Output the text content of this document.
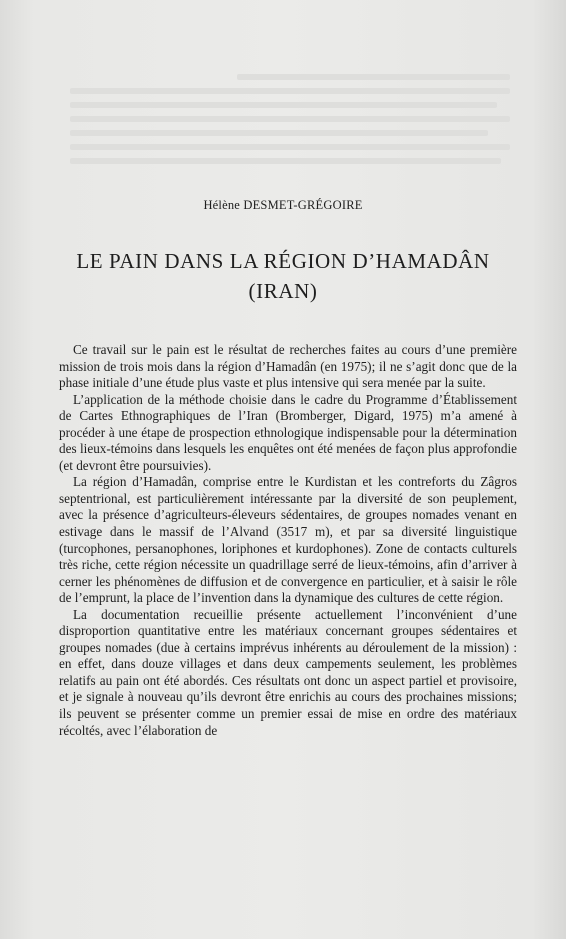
Hélène DESMET-GRÉGOIRE
LE PAIN DANS LA RÉGION D’HAMADÂN
(IRAN)

Ce travail sur le pain est le résultat de recherches faites au cours d’une première mission de trois mois dans la région d’Hamadân (en 1975); il ne s’agit donc que de la phase initiale d’une étude plus vaste et plus intensive qui sera menée par la suite.

L’application de la méthode choisie dans le cadre du Programme d’Établissement de Cartes Ethnographiques de l’Iran (Bromberger, Digard, 1975) m’a amené à procéder à une étape de prospection ethnologique indispensable pour la détermination des lieux-témoins dans lesquels les enquêtes ont été menées de façon plus approfondie (et devront être poursuivies).

La région d’Hamadân, comprise entre le Kurdistan et les contreforts du Zâgros septentrional, est particulièrement intéressante par la diversité de son peuplement, avec la présence d’agriculteurs-éleveurs sédentaires, de groupes nomades venant en estivage dans le massif de l’Alvand (3517 m), et par sa diversité linguistique (turcophones, persanophones, loriphones et kurdophones). Zone de contacts culturels très riche, cette région nécessite un quadrillage serré de lieux-témoins, afin d’arriver à cerner les phénomènes de diffusion et de convergence en particulier, et à saisir le rôle de l’emprunt, la place de l’invention dans la dynamique des cultures de cette région.

La documentation recueillie présente actuellement l’inconvénient d’une disproportion quantitative entre les matériaux concernant groupes sédentaires et groupes nomades (due à certains imprévus inhérents au déroulement de la mission) : en effet, dans douze villages et dans deux campements seulement, les problèmes relatifs au pain ont été abordés. Ces résultats ont donc un aspect partiel et provisoire, et je signale à nouveau qu’ils devront être enrichis au cours des prochaines missions; ils peuvent se présenter comme un premier essai de mise en ordre des matériaux récoltés, avec l’élaboration de
